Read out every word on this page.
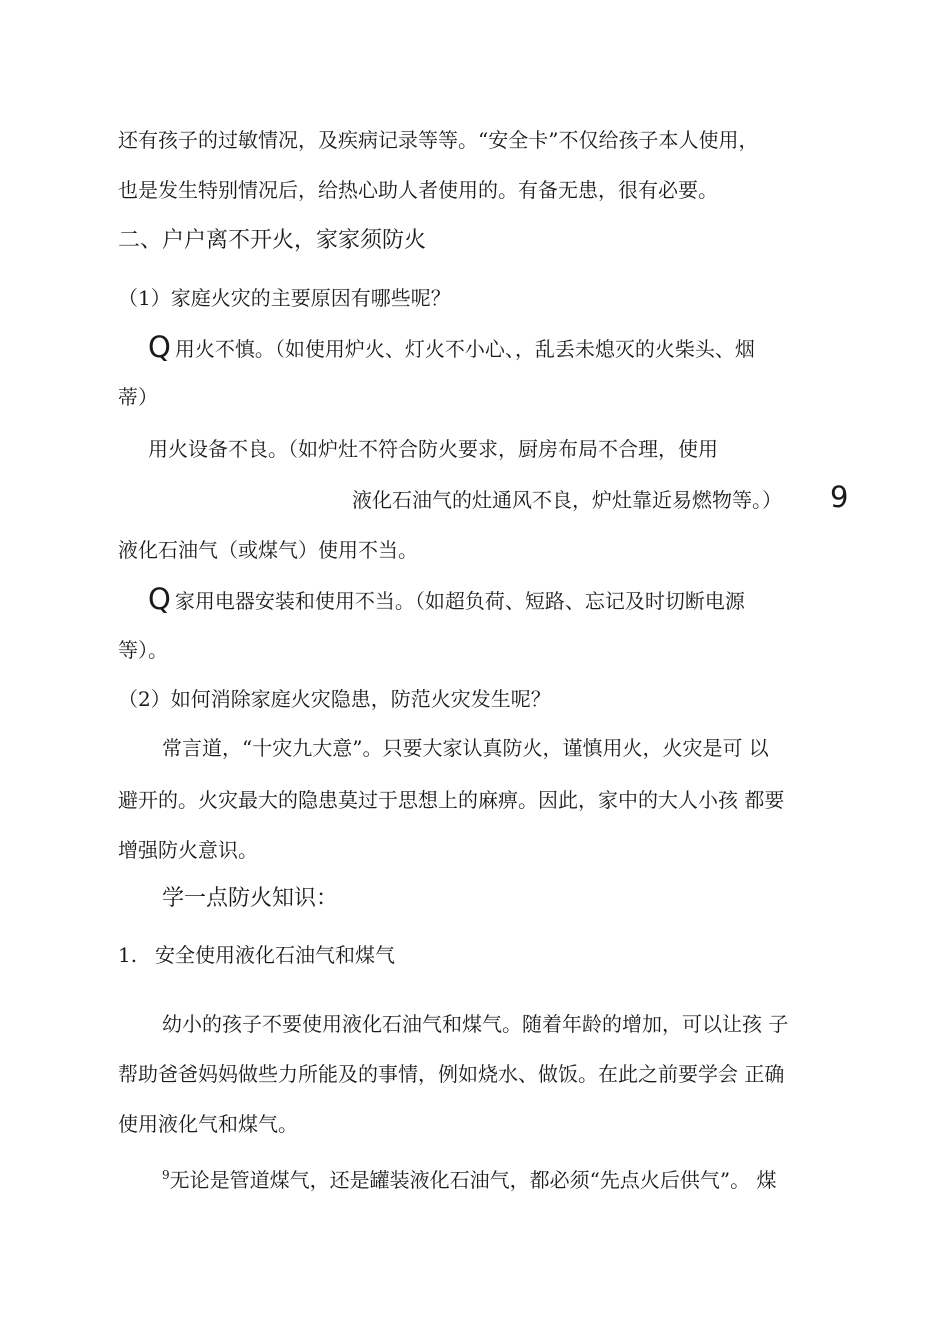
还有孩子的过敏情况，及疾病记录等等。“安全卡”不仅给孩子本人使用，
也是发生特别情况后，给热心助人者使用的。有备无患，很有必要。
二、户户离不开火，家家须防火
（1）家庭火灾的主要原因有哪些呢？
Q 用火不慎。（如使用炉火、灯火不小心、，乱丢未熄灭的火柴头、烟
蒂）
用火设备不良。（如炉灶不符合防火要求，厨房布局不合理，使用
液化石油气的灶通风不良，炉灶靠近易燃物等。） 9
液化石油气（或煤气）使用不当。
Q 家用电器安装和使用不当。（如超负荷、短路、忘记及时切断电源
等）。
（2）如何消除家庭火灾隐患，防范火灾发生呢？
常言道，“十灾九大意”。只要大家认真防火，谨慎用火，火灾是可 以
避开的。火灾最大的隐患莫过于思想上的麻痹。因此，家中的大人小孩 都要
增强防火意识。
学一点防火知识：
1. 安全使用液化石油气和煤气
幼小的孩子不要使用液化石油气和煤气。随着年龄的增加，可以让孩 子
帮助爸爸妈妈做些力所能及的事情，例如烧水、做饭。在此之前要学会 正确
使用液化气和煤气。
$^9$无论是管道煤气，还是罐装液化石油气，都必须“先点火后供气”。 煤
